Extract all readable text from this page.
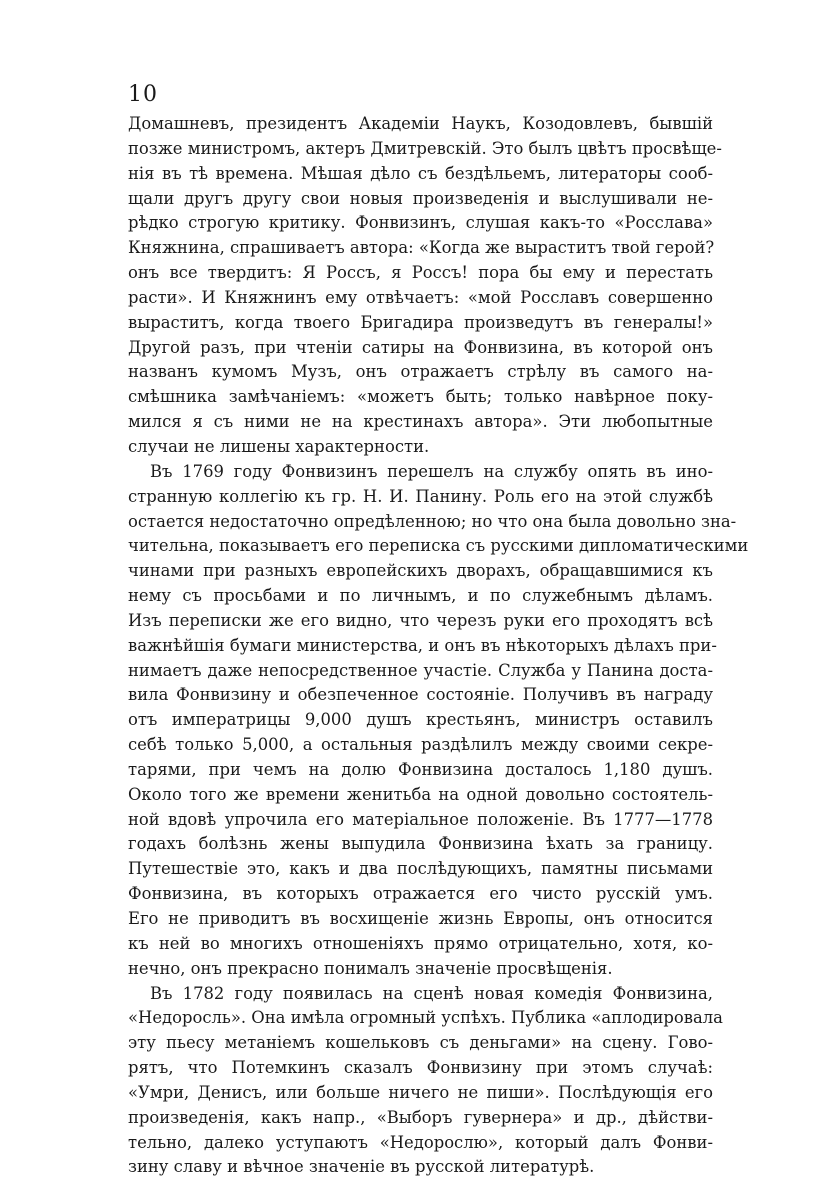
10
Домашневъ, президентъ Академіи Наукъ, Козодовлевъ, бывшій
позже министромъ, актеръ Дмитревскій. Это былъ цвѣтъ просвѣще-
нія въ тѣ времена. Мѣшая дѣло съ бездѣльемъ, литераторы сооб-
щали другъ другу свои новыя произведенія и выслушивали не-
рѣдко строгую критику. Фонвизинъ, слушая какъ-то «Росслава»
Княжнина, спрашиваетъ автора: «Когда же выраститъ твой герой?
онъ все твердитъ: Я Россъ, я Россъ! пора бы ему и перестать
расти». И Княжнинъ ему отвѣчаетъ: «мой Росславъ совершенно
выраститъ, когда твоего Бригадира произведутъ въ генералы!»
Другой разъ, при чтеніи сатиры на Фонвизина, въ которой онъ
названъ кумомъ Музъ, онъ отражаетъ стрѣлу въ самого на-
смѣшника замѣчаніемъ: «можетъ быть; только навѣрное поку-
мился я съ ними не на крестинахъ автора». Эти любопытные
случаи не лишены характерности.
Въ 1769 году Фонвизинъ перешелъ на службу опять въ ино-
странную коллегію къ гр. Н. И. Панину. Роль его на этой службѣ
остается недостаточно опредѣленною; но что она была довольно зна-
чительна, показываетъ его переписка съ русскими дипломатическими
чинами при разныхъ европейскихъ дворахъ, обращавшимися къ
нему съ просьбами и по личнымъ, и по служебнымъ дѣламъ.
Изъ переписки же его видно, что черезъ руки его проходятъ всѣ
важнѣйшія бумаги министерства, и онъ въ нѣкоторыхъ дѣлахъ при-
нимаетъ даже непосредственное участіе. Служба у Панина доста-
вила Фонвизину и обезпеченное состояніе. Получивъ въ награду
отъ императрицы 9,000 душъ крестьянъ, министръ оставилъ
себѣ только 5,000, а остальныя раздѣлилъ между своими секре-
тарями, при чемъ на долю Фонвизина досталось 1,180 душъ.
Около того же времени женитьба на одной довольно состоятель-
ной вдовѣ упрочила его матеріальное положеніе. Въ 1777—1778
годахъ болѣзнь жены выпудила Фонвизина ѣхать за границу.
Путешествіе это, какъ и два послѣдующихъ, памятны письмами
Фонвизина, въ которыхъ отражается его чисто русскій умъ.
Его не приводитъ въ восхищеніе жизнь Европы, онъ относится
къ ней во многихъ отношеніяхъ прямо отрицательно, хотя, ко-
нечно, онъ прекрасно понималъ значеніе просвѣщенія.
Въ 1782 году появилась на сценѣ новая комедія Фонвизина,
«Недоросль». Она имѣла огромный успѣхъ. Публика «аплодировала
эту пьесу метаніемъ кошельковъ съ деньгами» на сцену. Гово-
рятъ, что Потемкинъ сказалъ Фонвизину при этомъ случаѣ:
«Умри, Денисъ, или больше ничего не пиши». Послѣдующія его
произведенія, какъ напр., «Выборъ гувернера» и др., дѣйстви-
тельно, далеко уступаютъ «Недорослю», который далъ Фонви-
зину славу и вѣчное значеніе въ русской литературѣ.
